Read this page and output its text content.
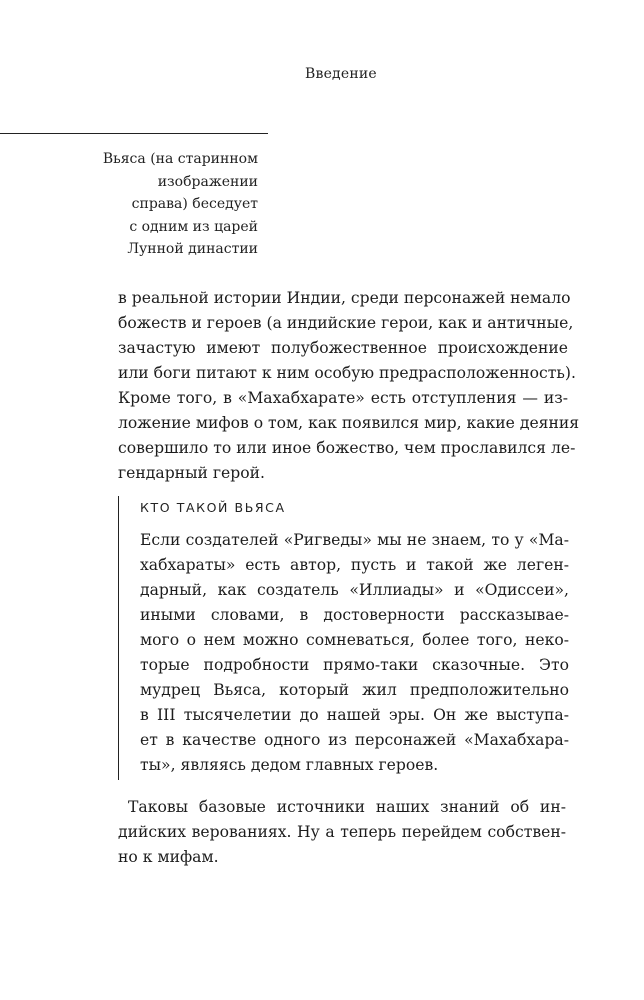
Введение
Вьяса (на старинном
изображении
справа) беседует
с одним из царей
Лунной династии
в реальной истории Индии, среди персонажей немало
божеств и героев (а индийские герои, как и античные,
зачастую имеют полубожественное происхождение
или боги питают к ним особую предрасположенность).
Кроме того, в «Махабхарате» есть отступления — из-
ложение мифов о том, как появился мир, какие деяния
совершило то или иное божество, чем прославился ле-
гендарный герой.
КТО ТАКОЙ ВЬЯСА
Если создателей «Ригведы» мы не знаем, то у «Ма-
хабхараты» есть автор, пусть и такой же леген-
дарный, как создатель «Иллиады» и «Одиссеи»,
иными словами, в достоверности рассказывае-
мого о нем можно сомневаться, более того, неко-
торые подробности прямо-таки сказочные. Это
мудрец Вьяса, который жил предположительно
в III тысячелетии до нашей эры. Он же выступа-
ет в качестве одного из персонажей «Махабхара-
ты», являясь дедом главных героев.
Таковы базовые источники наших знаний об ин-
дийских верованиях. Ну а теперь перейдем собствен-
но к мифам.
